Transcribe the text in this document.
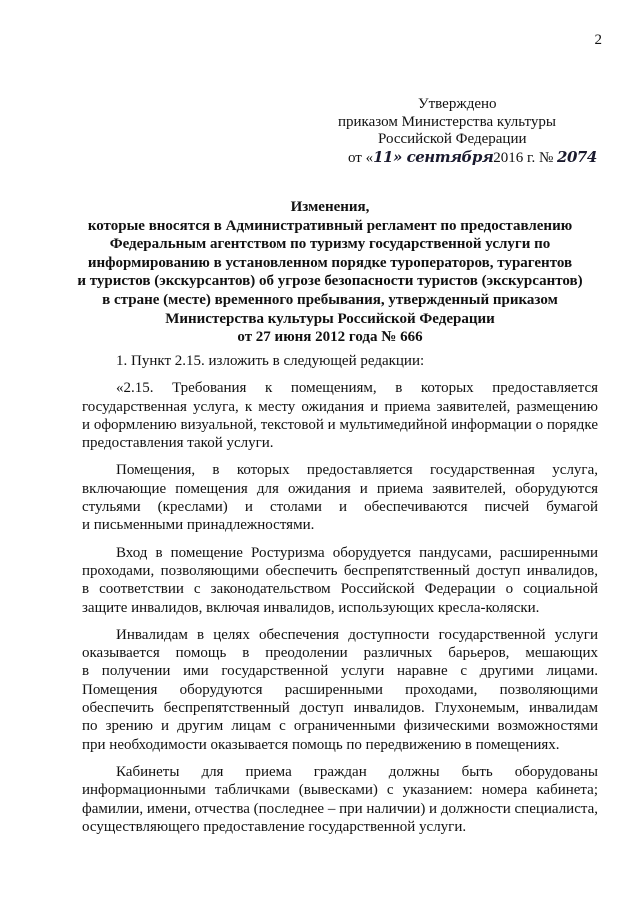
2
Утверждено
приказом Министерства культуры
Российской Федерации
от «11» сентября2016 г. № 2074
Изменения,
которые вносятся в Административный регламент по предоставлению
Федеральным агентством по туризму государственной услуги по
информированию в установленном порядке туроператоров, турагентов
и туристов (экскурсантов) об угрозе безопасности туристов (экскурсантов)
в стране (месте) временного пребывания, утвержденный приказом
Министерства культуры Российской Федерации
от 27 июня 2012 года № 666
1. Пункт 2.15. изложить в следующей редакции:
«2.15. Требования к помещениям, в которых предоставляется
государственная услуга, к месту ожидания и приема заявителей, размещению
и оформлению визуальной, текстовой и мультимедийной информации о порядке
предоставления такой услуги.
Помещения, в которых предоставляется государственная услуга,
включающие помещения для ожидания и приема заявителей, оборудуются
стульями (креслами) и столами и обеспечиваются писчей бумагой
и письменными принадлежностями.
Вход в помещение Ростуризма оборудуется пандусами, расширенными
проходами, позволяющими обеспечить беспрепятственный доступ инвалидов,
в соответствии с законодательством Российской Федерации о социальной
защите инвалидов, включая инвалидов, использующих кресла-коляски.
Инвалидам в целях обеспечения доступности государственной услуги
оказывается помощь в преодолении различных барьеров, мешающих
в получении ими государственной услуги наравне с другими лицами.
Помещения оборудуются расширенными проходами, позволяющими
обеспечить беспрепятственный доступ инвалидов. Глухонемым, инвалидам
по зрению и другим лицам с ограниченными физическими возможностями
при необходимости оказывается помощь по передвижению в помещениях.
Кабинеты для приема граждан должны быть оборудованы
информационными табличками (вывесками) с указанием: номера кабинета;
фамилии, имени, отчества (последнее – при наличии) и должности специалиста,
осуществляющего предоставление государственной услуги.
